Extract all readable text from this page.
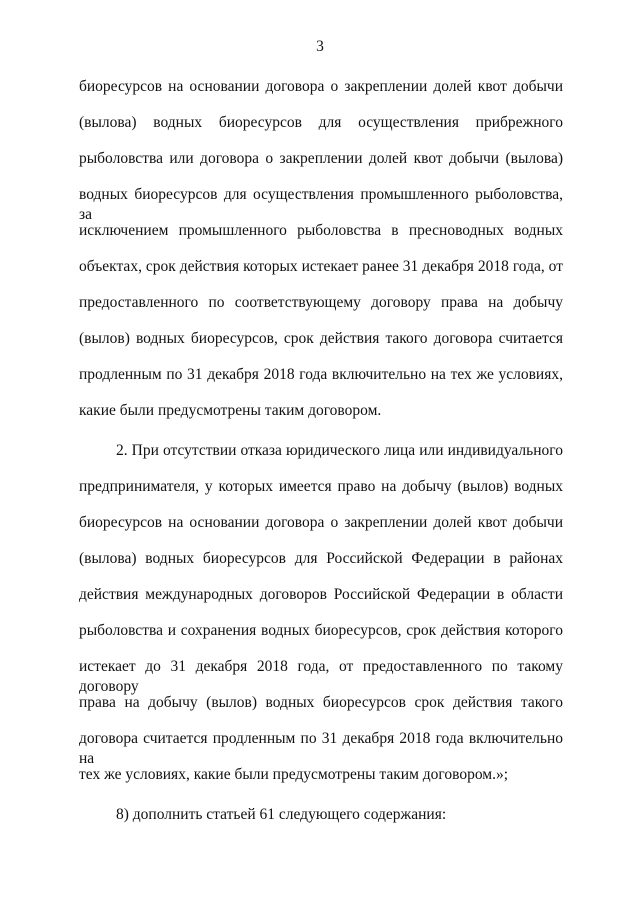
3
биоресурсов на основании договора о закреплении долей квот добычи
(вылова) водных биоресурсов для осуществления прибрежного
рыболовства или договора о закреплении долей квот добычи (вылова)
водных биоресурсов для осуществления промышленного рыболовства, за
исключением промышленного рыболовства в пресноводных водных
объектах, срок действия которых истекает ранее 31 декабря 2018 года, от
предоставленного по соответствующему договору права на добычу
(вылов) водных биоресурсов, срок действия такого договора считается
продленным по 31 декабря 2018 года включительно на тех же условиях,
какие были предусмотрены таким договором.
2. При отсутствии отказа юридического лица или индивидуального
предпринимателя, у которых имеется право на добычу (вылов) водных
биоресурсов на основании договора о закреплении долей квот добычи
(вылова) водных биоресурсов для Российской Федерации в районах
действия международных договоров Российской Федерации в области
рыболовства и сохранения водных биоресурсов, срок действия которого
истекает до 31 декабря 2018 года, от предоставленного по такому договору
права на добычу (вылов) водных биоресурсов срок действия такого
договора считается продленным по 31 декабря 2018 года включительно на
тех же условиях, какие были предусмотрены таким договором.»;
8) дополнить статьей 61 следующего содержания:
